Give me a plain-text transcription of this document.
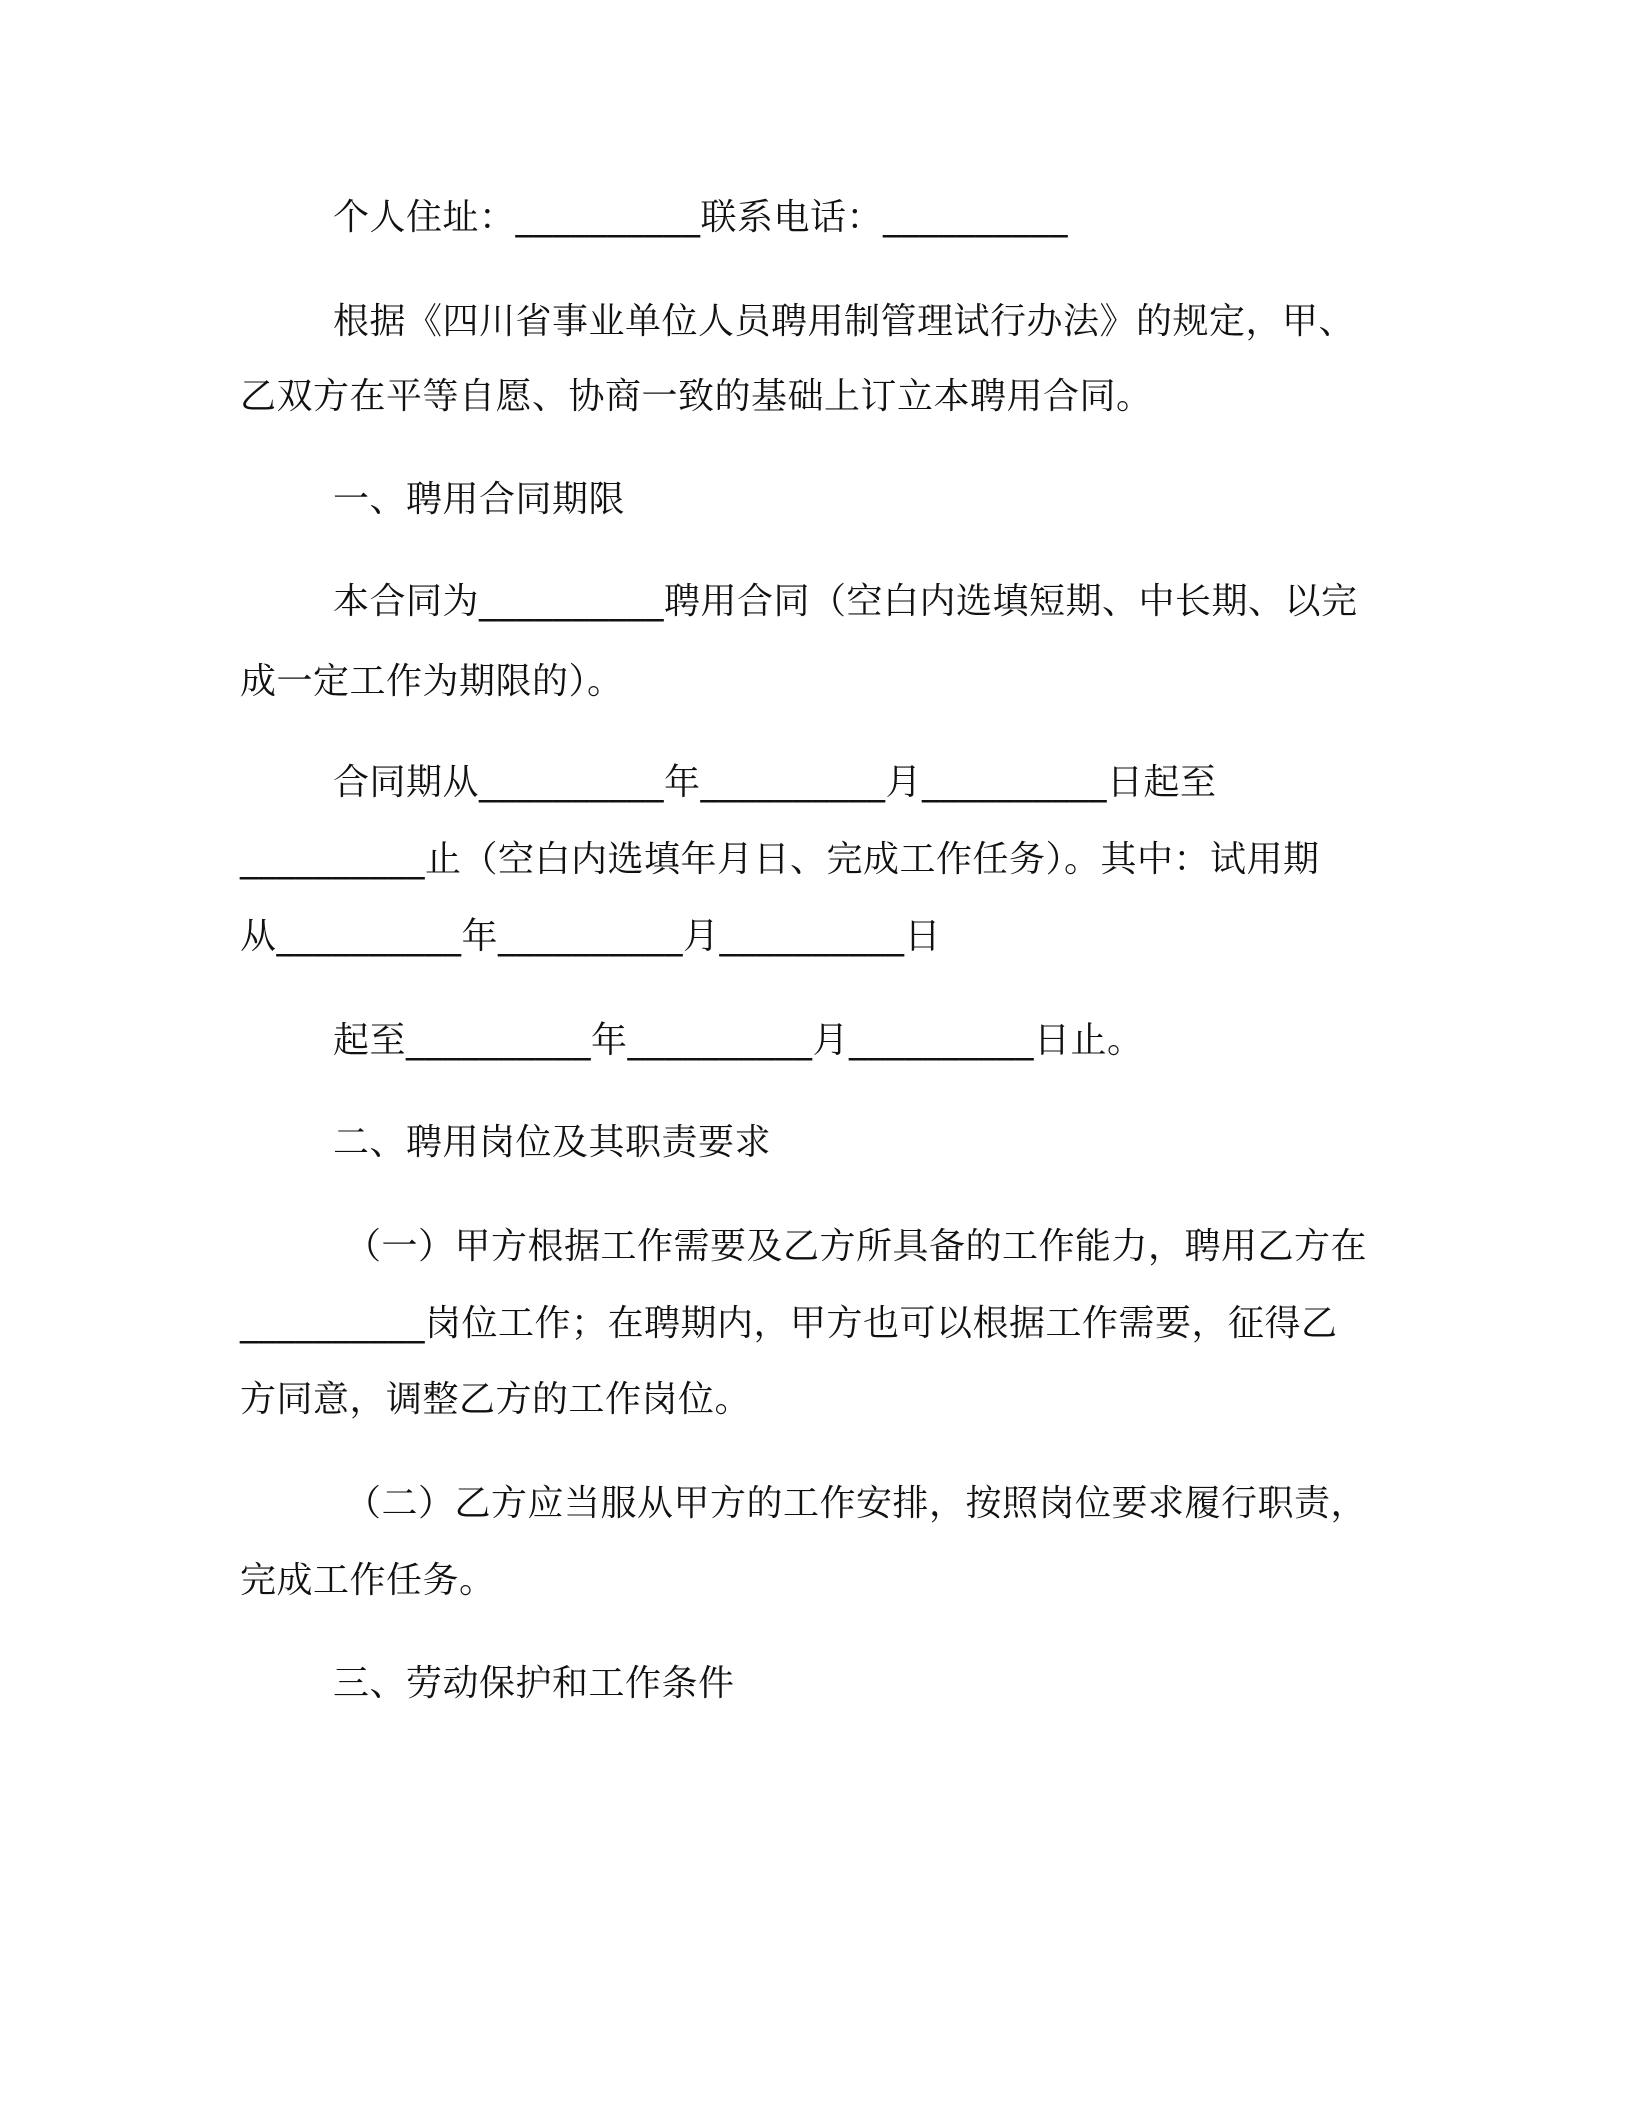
个人住址：__________联系电话：__________
根据《四川省事业单位人员聘用制管理试行办法》的规定，甲、
乙双方在平等自愿、协商一致的基础上订立本聘用合同。
一、聘用合同期限
本合同为__________聘用合同（空白内选填短期、中长期、以完
成一定工作为期限的）。
合同期从__________年__________月__________日起至
__________止（空白内选填年月日、完成工作任务）。其中：试用期
从__________年__________月__________日
起至__________年__________月__________日止。
二、聘用岗位及其职责要求
（一）甲方根据工作需要及乙方所具备的工作能力，聘用乙方在
__________岗位工作；在聘期内，甲方也可以根据工作需要，征得乙
方同意，调整乙方的工作岗位。
（二）乙方应当服从甲方的工作安排，按照岗位要求履行职责，
完成工作任务。
三、劳动保护和工作条件
